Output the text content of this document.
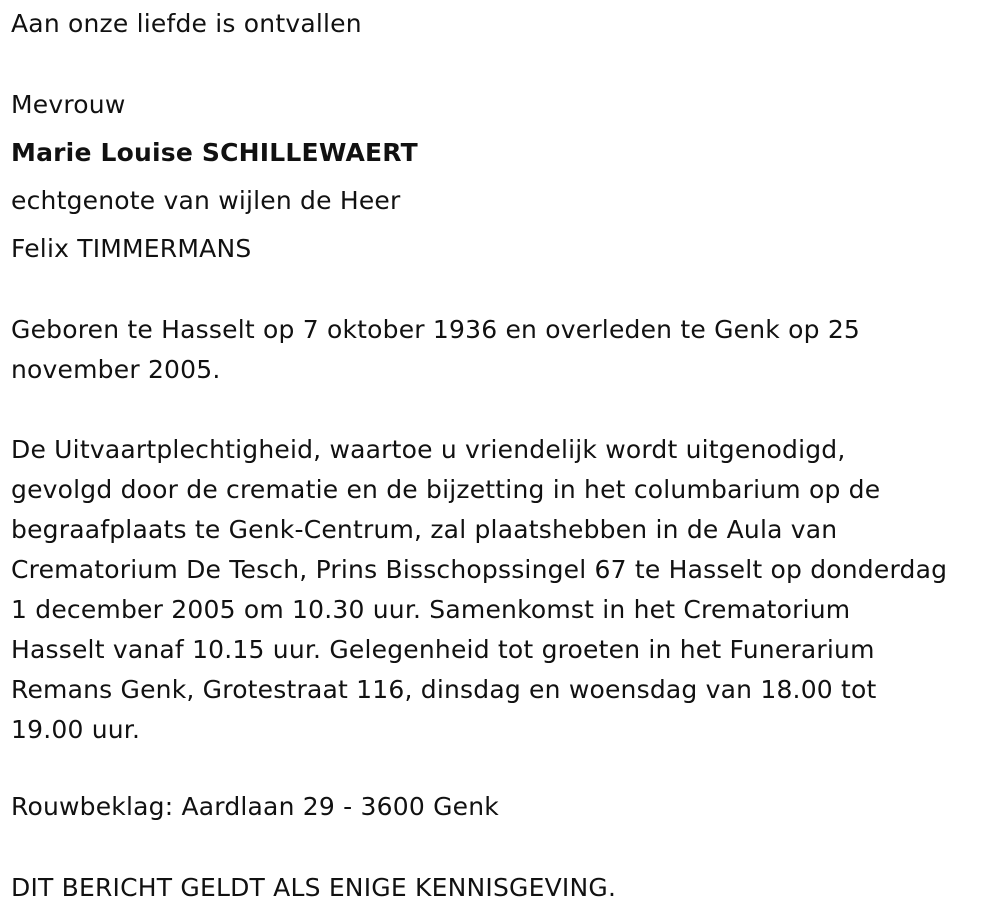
Aan onze liefde is ontvallen
Mevrouw
Marie Louise SCHILLEWAERT
echtgenote van wijlen de Heer
Felix TIMMERMANS
Geboren te Hasselt op 7 oktober 1936 en overleden te Genk op 25 november 2005.
De Uitvaartplechtigheid, waartoe u vriendelijk wordt uitgenodigd, gevolgd door de crematie en de bijzetting in het columbarium op de begraafplaats te Genk-Centrum, zal plaatshebben in de Aula van Crematorium De Tesch, Prins Bisschopssingel 67 te Hasselt op donderdag 1 december 2005 om 10.30 uur. Samenkomst in het Crematorium Hasselt vanaf 10.15 uur. Gelegenheid tot groeten in het Funerarium Remans Genk, Grotestraat 116, dinsdag en woensdag van 18.00 tot 19.00 uur.
Rouwbeklag: Aardlaan 29 - 3600 Genk
DIT BERICHT GELDT ALS ENIGE KENNISGEVING.
